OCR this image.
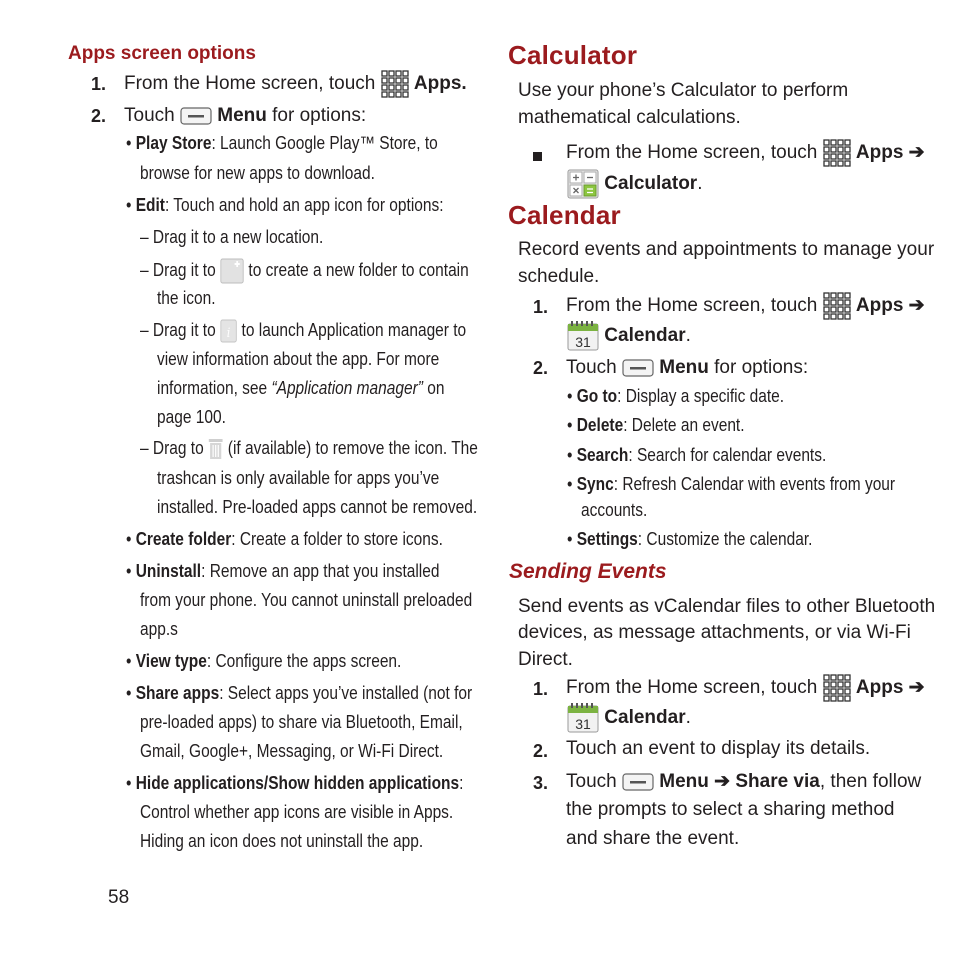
Apps screen options
1. From the Home screen, touch Apps.
2. Touch Menu for options:
• Play Store: Launch Google Play™ Store, to
browse for new apps to download.
• Edit: Touch and hold an app icon for options:
– Drag it to a new location.
– Drag it to to create a new folder to contain
the icon.
– Drag it to i to launch Application manager to
view information about the app. For more
information, see “Application manager” on
page 100.
– Drag to (if available) to remove the icon. The
trashcan is only available for apps you’ve
installed. Pre-loaded apps cannot be removed.
• Create folder: Create a folder to store icons.
• Uninstall: Remove an app that you installed
from your phone. You cannot uninstall preloaded
app.s
• View type: Configure the apps screen.
• Share apps: Select apps you’ve installed (not for
pre-loaded apps) to share via Bluetooth, Email,
Gmail, Google+, Messaging, or Wi-Fi Direct.
• Hide applications/Show hidden applications:
Control whether app icons are visible in Apps.
Hiding an icon does not uninstall the app.
Calculator
Use your phone’s Calculator to perform
mathematical calculations.
From the Home screen, touch Apps ➔
Calculator.
Calendar
Record events and appointments to manage your
schedule.
1. From the Home screen, touch Apps ➔
31 Calendar.
2. Touch Menu for options:
• Go to: Display a specific date.
• Delete: Delete an event.
• Search: Search for calendar events.
• Sync: Refresh Calendar with events from your
accounts.
• Settings: Customize the calendar.
Sending Events
Send events as vCalendar files to other Bluetooth
devices, as message attachments, or via Wi-Fi
Direct.
1. From the Home screen, touch Apps ➔
31 Calendar.
2. Touch an event to display its details.
3. Touch Menu ➔ Share via, then follow
the prompts to select a sharing method
and share the event.
58
